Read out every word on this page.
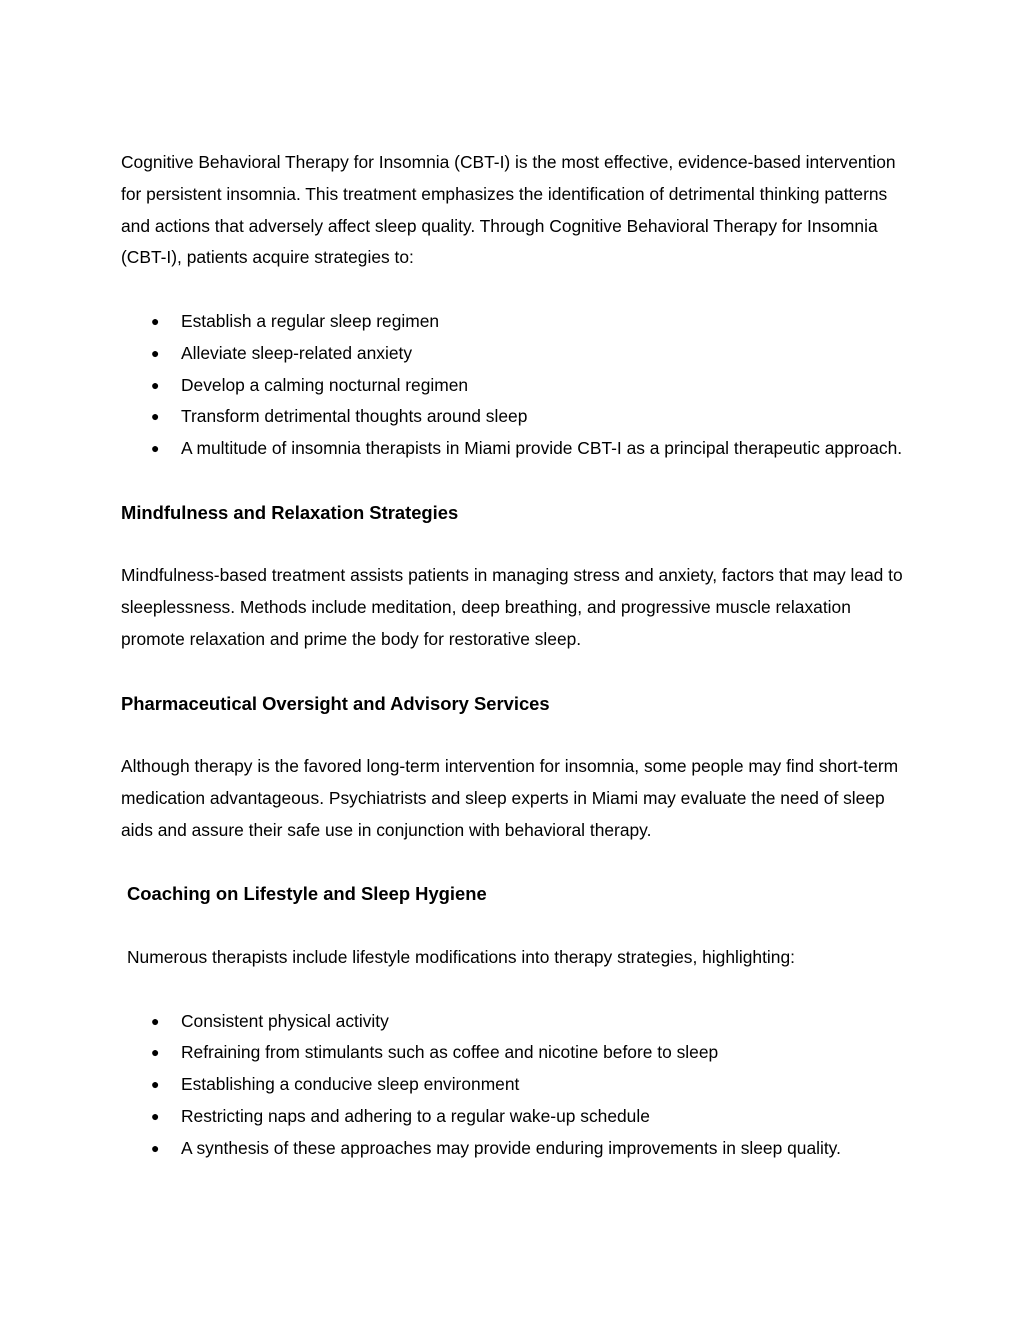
Cognitive Behavioral Therapy for Insomnia (CBT-I) is the most effective, evidence-based intervention for persistent insomnia. This treatment emphasizes the identification of detrimental thinking patterns and actions that adversely affect sleep quality. Through Cognitive Behavioral Therapy for Insomnia (CBT-I), patients acquire strategies to:

● Establish a regular sleep regimen
● Alleviate sleep-related anxiety
● Develop a calming nocturnal regimen
● Transform detrimental thoughts around sleep
● A multitude of insomnia therapists in Miami provide CBT-I as a principal therapeutic approach.
Mindfulness and Relaxation Strategies

Mindfulness-based treatment assists patients in managing stress and anxiety, factors that may lead to sleeplessness. Methods include meditation, deep breathing, and progressive muscle relaxation promote relaxation and prime the body for restorative sleep.

Pharmaceutical Oversight and Advisory Services

Although therapy is the favored long-term intervention for insomnia, some people may find short-term medication advantageous. Psychiatrists and sleep experts in Miami may evaluate the need of sleep aids and assure their safe use in conjunction with behavioral therapy.

Coaching on Lifestyle and Sleep Hygiene

Numerous therapists include lifestyle modifications into therapy strategies, highlighting:

● Consistent physical activity
● Refraining from stimulants such as coffee and nicotine before to sleep
● Establishing a conducive sleep environment
● Restricting naps and adhering to a regular wake-up schedule
● A synthesis of these approaches may provide enduring improvements in sleep quality.
